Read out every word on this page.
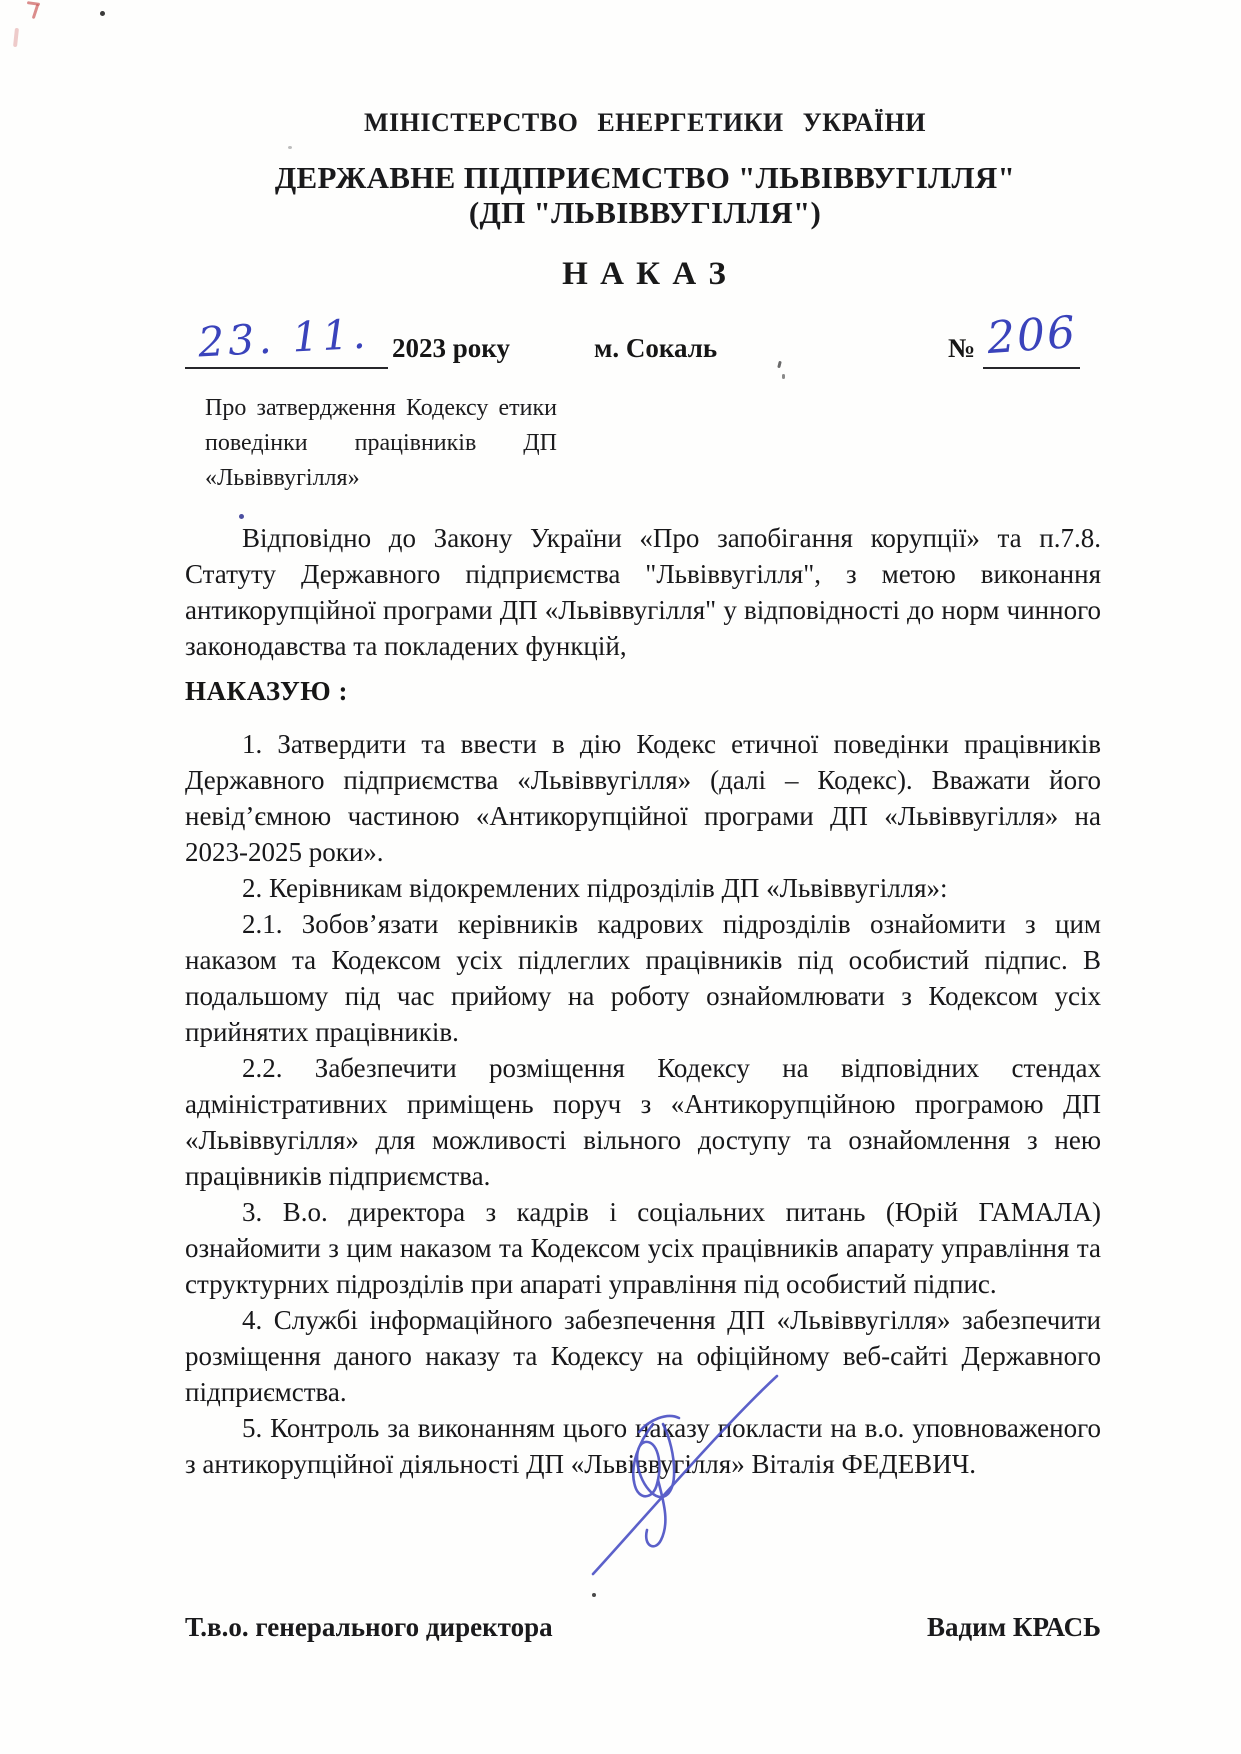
МІНІСТЕРСТВО ЕНЕРГЕТИКИ УКРАЇНИ
ДЕРЖАВНЕ ПІДПРИЄМСТВО "ЛЬВІВВУГІЛЛЯ"
(ДП "ЛЬВІВВУГІЛЛЯ")
Н А К А З
23. 11. 2023 року	м. Сокаль	№ 206
Про затвердження Кодексу етики поведінки працівників ДП «Львіввугілля»
Відповідно до Закону України «Про запобігання корупції» та п.7.8. Статуту Державного підприємства "Львіввугілля", з метою виконання антикорупційної програми ДП «Львіввугілля" у відповідності до норм чинного законодавства та покладених функцій,
НАКАЗУЮ :

1. Затвердити та ввести в дію Кодекс етичної поведінки працівників Державного підприємства «Львіввугілля» (далі – Кодекс). Вважати його невід’ємною частиною «Антикорупційної програми ДП «Львіввугілля» на 2023-2025 роки».

2. Керівникам відокремлених підрозділів ДП «Львіввугілля»:

2.1. Зобов’язати керівників кадрових підрозділів ознайомити з цим наказом та Кодексом усіх підлеглих працівників під особистий підпис. В подальшому під час прийому на роботу ознайомлювати з Кодексом усіх прийнятих працівників.

2.2. Забезпечити розміщення Кодексу на відповідних стендах адміністративних приміщень поруч з «Антикорупційною програмою ДП «Львіввугілля» для можливості вільного доступу та ознайомлення з нею працівників підприємства.

3. В.о. директора з кадрів і соціальних питань (Юрій ГАМАЛА) ознайомити з цим наказом та Кодексом усіх працівників апарату управління та структурних підрозділів при апараті управління під особистий підпис.

4. Службі інформаційного забезпечення ДП «Львіввугілля» забезпечити розміщення даного наказу та Кодексу на офіційному веб-сайті Державного підприємства.

5. Контроль за виконанням цього наказу покласти на в.о. уповноваженого з антикорупційної діяльності ДП «Львіввугілля» Віталія ФЕДЕВИЧ.

Т.в.о. генерального директора	Вадим КРАСЬ
